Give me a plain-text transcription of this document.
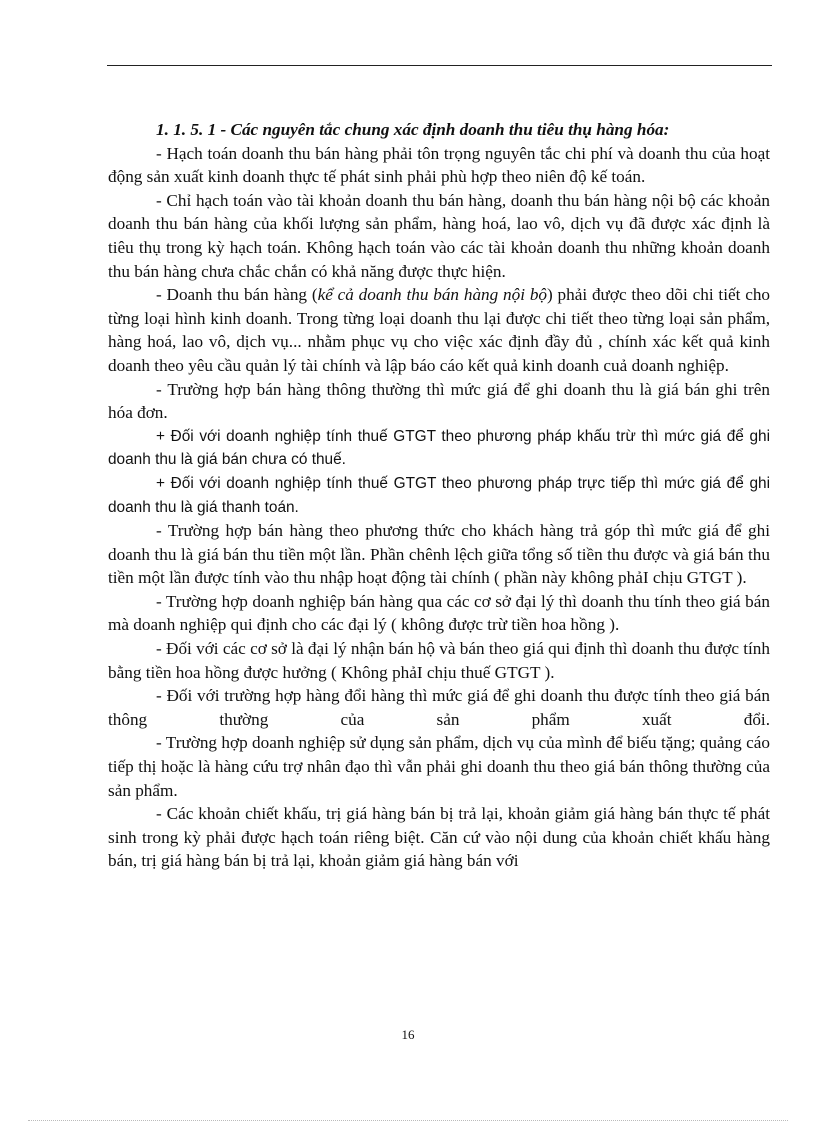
1. 1. 5. 1 - Các nguyên tắc chung xác định doanh thu tiêu thụ hàng hóa:

- Hạch toán doanh thu bán hàng phải tôn trọng nguyên tắc chi phí và doanh thu của hoạt động sản xuất kinh doanh thực tế phát sinh phải phù hợp theo niên độ kế toán.

- Chỉ hạch toán vào tài khoản doanh thu bán hàng, doanh thu bán hàng nội bộ các khoản doanh thu bán hàng của khối lượng sản phẩm, hàng hoá, lao vô, dịch vụ đã được xác định là tiêu thụ trong kỳ hạch toán. Không hạch toán vào các tài khoản doanh thu những khoản doanh thu bán hàng chưa chắc chắn có khả năng được thực hiện.

- Doanh thu bán hàng (kể cả doanh thu bán hàng nội bộ) phải được theo dõi chi tiết cho từng loại hình kinh doanh. Trong từng loại doanh thu lại được chi tiết theo từng loại sản phẩm, hàng hoá, lao vô, dịch vụ... nhằm phục vụ cho việc xác định đầy đủ , chính xác kết quả kinh doanh theo yêu cầu quản lý tài chính và lập báo cáo kết quả kinh doanh cuả doanh nghiệp.

- Trường hợp bán hàng thông thường thì mức giá để ghi doanh thu là giá bán ghi trên hóa đơn.

+ Đối với doanh nghiệp tính thuế GTGT theo phương pháp khấu trừ thì mức giá để ghi doanh thu là giá bán chưa có thuế.

+ Đối với doanh nghiệp tính thuế GTGT theo phương pháp trực tiếp thì mức giá để ghi doanh thu là giá thanh toán.

- Trường hợp bán hàng theo phương thức cho khách hàng trả góp thì mức giá để ghi doanh thu là giá bán thu tiền một lần. Phần chênh lệch giữa tổng số tiền thu được và giá bán thu tiền một lần được tính vào thu nhập hoạt động tài chính ( phần này không phảI chịu GTGT ).

- Trường hợp doanh nghiệp bán hàng qua các cơ sở đại lý thì doanh thu tính theo giá bán mà doanh nghiệp qui định cho các đại lý ( không được trừ tiền hoa hồng ).

- Đối với các cơ sở là đại lý nhận bán hộ và bán theo giá qui định thì doanh thu được tính bằng tiền hoa hồng được hưởng ( Không phảI chịu thuế GTGT ).

- Đối với trường hợp hàng đổi hàng thì mức giá để ghi doanh thu được tính theo giá bán thông thường của sản phẩm xuất đổi.

- Trường hợp doanh nghiệp sử dụng sản phẩm, dịch vụ của mình để biếu tặng; quảng cáo tiếp thị hoặc là hàng cứu trợ nhân đạo thì vẫn phải ghi doanh thu theo giá bán thông thường của sản phẩm.

- Các khoản chiết khấu, trị giá hàng bán bị trả lại, khoản giảm giá hàng bán thực tế phát sinh trong kỳ phải được hạch toán riêng biệt. Căn cứ vào nội dung của khoản chiết khấu hàng bán, trị giá hàng bán bị trả lại, khoản giảm giá hàng bán với

16
